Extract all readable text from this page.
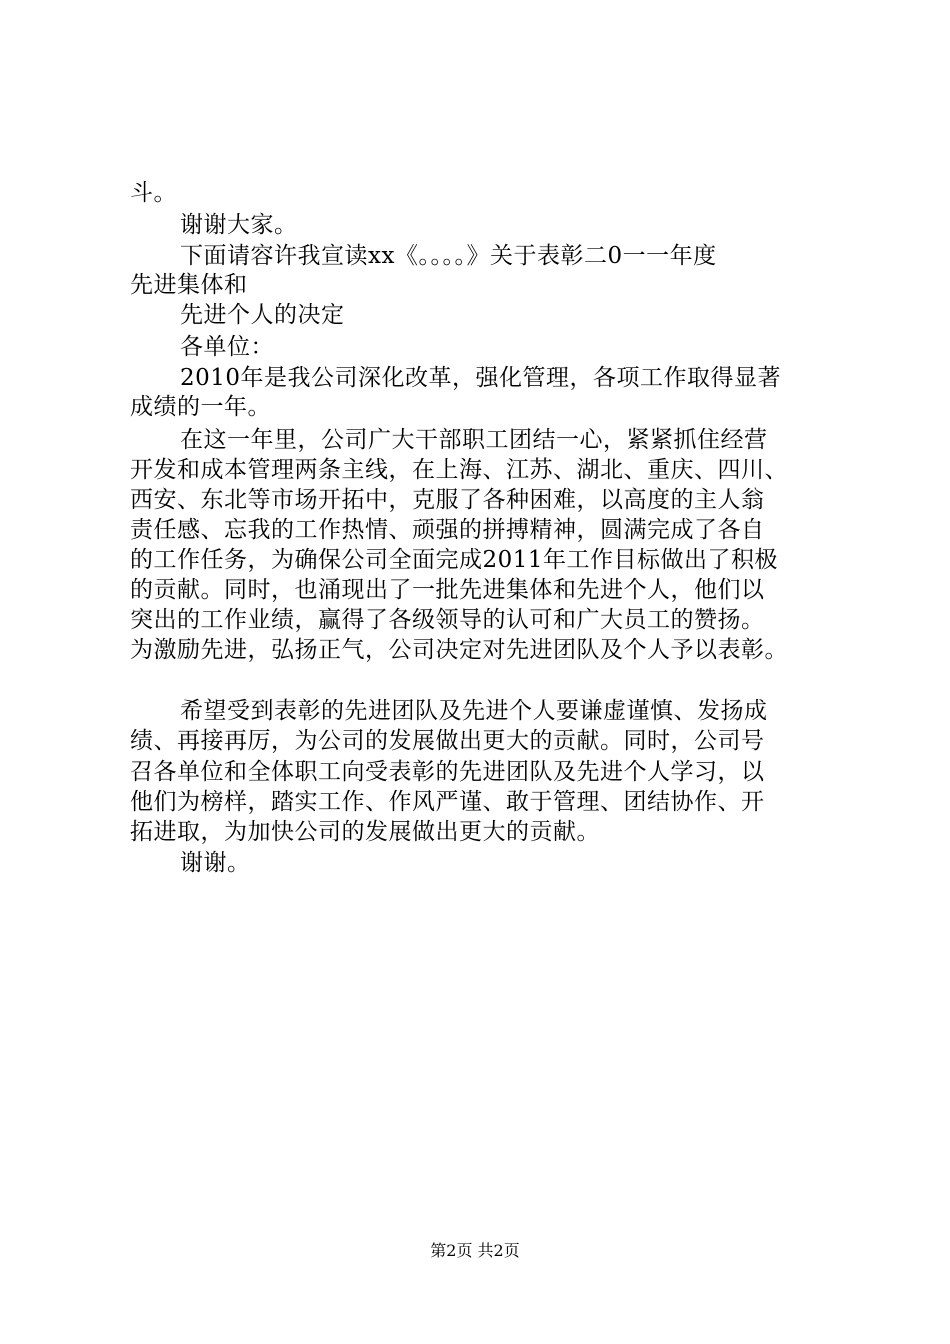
斗。
谢谢大家。
下面请容许我宣读xx《。。。。》关于表彰二0一一年度
先进集体和
先进个人的决定
各单位：
2010年是我公司深化改革，强化管理，各项工作取得显著
成绩的一年。
在这一年里，公司广大干部职工团结一心，紧紧抓住经营
开发和成本管理两条主线，在上海、江苏、湖北、重庆、四川、
西安、东北等市场开拓中，克服了各种困难，以高度的主人翁
责任感、忘我的工作热情、顽强的拼搏精神，圆满完成了各自
的工作任务，为确保公司全面完成2011年工作目标做出了积极
的贡献。同时，也涌现出了一批先进集体和先进个人，他们以
突出的工作业绩，赢得了各级领导的认可和广大员工的赞扬。
为激励先进，弘扬正气，公司决定对先进团队及个人予以表彰。
希望受到表彰的先进团队及先进个人要谦虚谨慎、发扬成
绩、再接再厉，为公司的发展做出更大的贡献。同时，公司号
召各单位和全体职工向受表彰的先进团队及先进个人学习，以
他们为榜样，踏实工作、作风严谨、敢于管理、团结协作、开
拓进取，为加快公司的发展做出更大的贡献。
谢谢。
第2页 共2页
